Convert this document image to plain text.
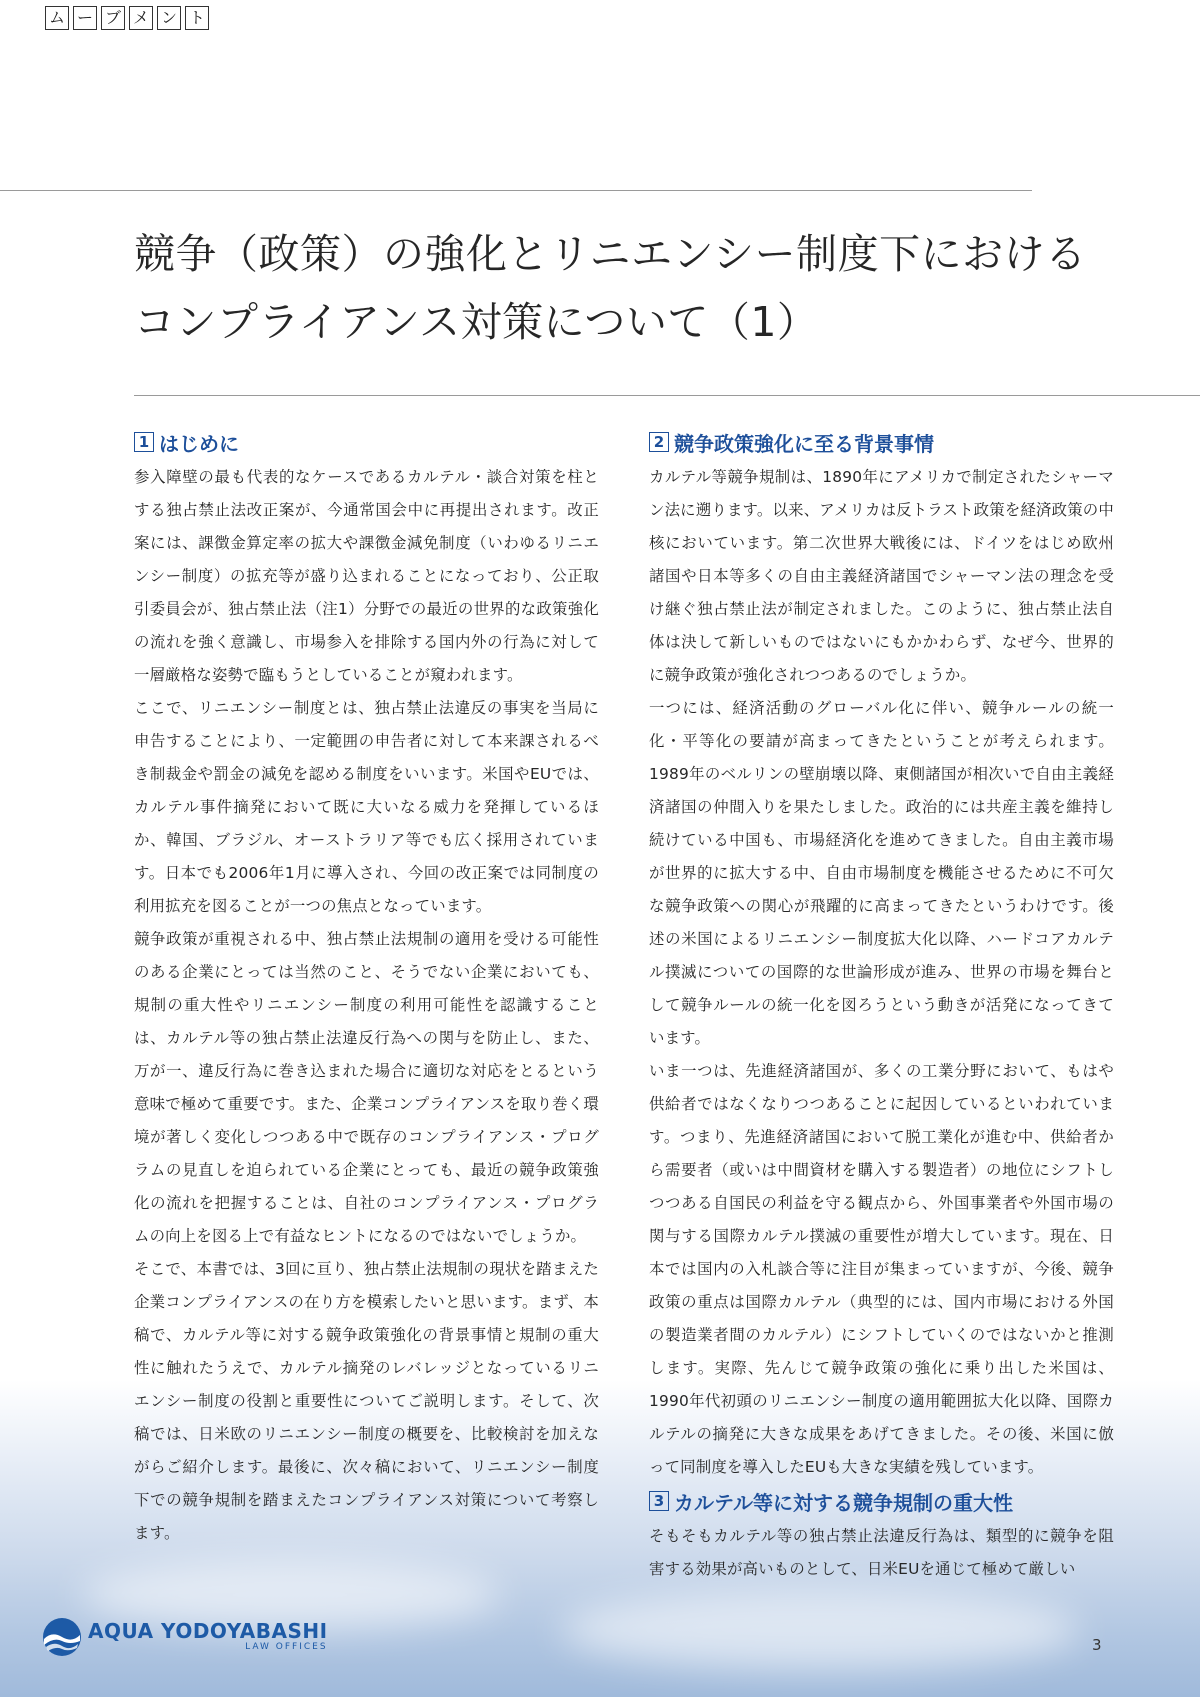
ム ー ブ メ ン ト
競争（政策）の強化とリニエンシー制度下における
コンプライアンス対策について（1）
1 はじめに

参入障壁の最も代表的なケースであるカルテル・談合対策を柱とする独占禁止法改正案が、今通常国会中に再提出されます。改正案には、課徴金算定率の拡大や課徴金減免制度（いわゆるリニエンシー制度）の拡充等が盛り込まれることになっており、公正取引委員会が、独占禁止法（注1）分野での最近の世界的な政策強化の流れを強く意識し、市場参入を排除する国内外の行為に対して一層厳格な姿勢で臨もうとしていることが窺われます。

ここで、リニエンシー制度とは、独占禁止法違反の事実を当局に申告することにより、一定範囲の申告者に対して本来課されるべき制裁金や罰金の減免を認める制度をいいます。米国やEUでは、カルテル事件摘発において既に大いなる威力を発揮しているほか、韓国、ブラジル、オーストラリア等でも広く採用されています。日本でも2006年1月に導入され、今回の改正案では同制度の利用拡充を図ることが一つの焦点となっています。

競争政策が重視される中、独占禁止法規制の適用を受ける可能性のある企業にとっては当然のこと、そうでない企業においても、規制の重大性やリニエンシー制度の利用可能性を認識することは、カルテル等の独占禁止法違反行為への関与を防止し、また、万が一、違反行為に巻き込まれた場合に適切な対応をとるという意味で極めて重要です。また、企業コンプライアンスを取り巻く環境が著しく変化しつつある中で既存のコンプライアンス・プログラムの見直しを迫られている企業にとっても、最近の競争政策強化の流れを把握することは、自社のコンプライアンス・プログラムの向上を図る上で有益なヒントになるのではないでしょうか。

そこで、本書では、3回に亘り、独占禁止法規制の現状を踏まえた企業コンプライアンスの在り方を模索したいと思います。まず、本稿で、カルテル等に対する競争政策強化の背景事情と規制の重大性に触れたうえで、カルテル摘発のレバレッジとなっているリニエンシー制度の役割と重要性についてご説明します。そして、次稿では、日米欧のリニエンシー制度の概要を、比較検討を加えながらご紹介します。最後に、次々稿において、リニエンシー制度下での競争規制を踏まえたコンプライアンス対策について考察します。

2 競争政策強化に至る背景事情

カルテル等競争規制は、1890年にアメリカで制定されたシャーマン法に遡ります。以来、アメリカは反トラスト政策を経済政策の中核においています。第二次世界大戦後には、ドイツをはじめ欧州諸国や日本等多くの自由主義経済諸国でシャーマン法の理念を受け継ぐ独占禁止法が制定されました。このように、独占禁止法自体は決して新しいものではないにもかかわらず、なぜ今、世界的に競争政策が強化されつつあるのでしょうか。

一つには、経済活動のグローバル化に伴い、競争ルールの統一化・平等化の要請が高まってきたということが考えられます。1989年のベルリンの壁崩壊以降、東側諸国が相次いで自由主義経済諸国の仲間入りを果たしました。政治的には共産主義を維持し続けている中国も、市場経済化を進めてきました。自由主義市場が世界的に拡大する中、自由市場制度を機能させるために不可欠な競争政策への関心が飛躍的に高まってきたというわけです。後述の米国によるリニエンシー制度拡大化以降、ハードコアカルテル撲滅についての国際的な世論形成が進み、世界の市場を舞台として競争ルールの統一化を図ろうという動きが活発になってきています。

いま一つは、先進経済諸国が、多くの工業分野において、もはや供給者ではなくなりつつあることに起因しているといわれています。つまり、先進経済諸国において脱工業化が進む中、供給者から需要者（或いは中間資材を購入する製造者）の地位にシフトしつつある自国民の利益を守る観点から、外国事業者や外国市場の関与する国際カルテル撲滅の重要性が増大しています。現在、日本では国内の入札談合等に注目が集まっていますが、今後、競争政策の重点は国際カルテル（典型的には、国内市場における外国の製造業者間のカルテル）にシフトしていくのではないかと推測します。実際、先んじて競争政策の強化に乗り出した米国は、1990年代初頭のリニエンシー制度の適用範囲拡大化以降、国際カルテルの摘発に大きな成果をあげてきました。その後、米国に倣って同制度を導入したEUも大きな実績を残しています。

3 カルテル等に対する競争規制の重大性

そもそもカルテル等の独占禁止法違反行為は、類型的に競争を阻害する効果が高いものとして、日米EUを通じて極めて厳しい

AQUA YODOYABASHI
LAW OFFICES	3
